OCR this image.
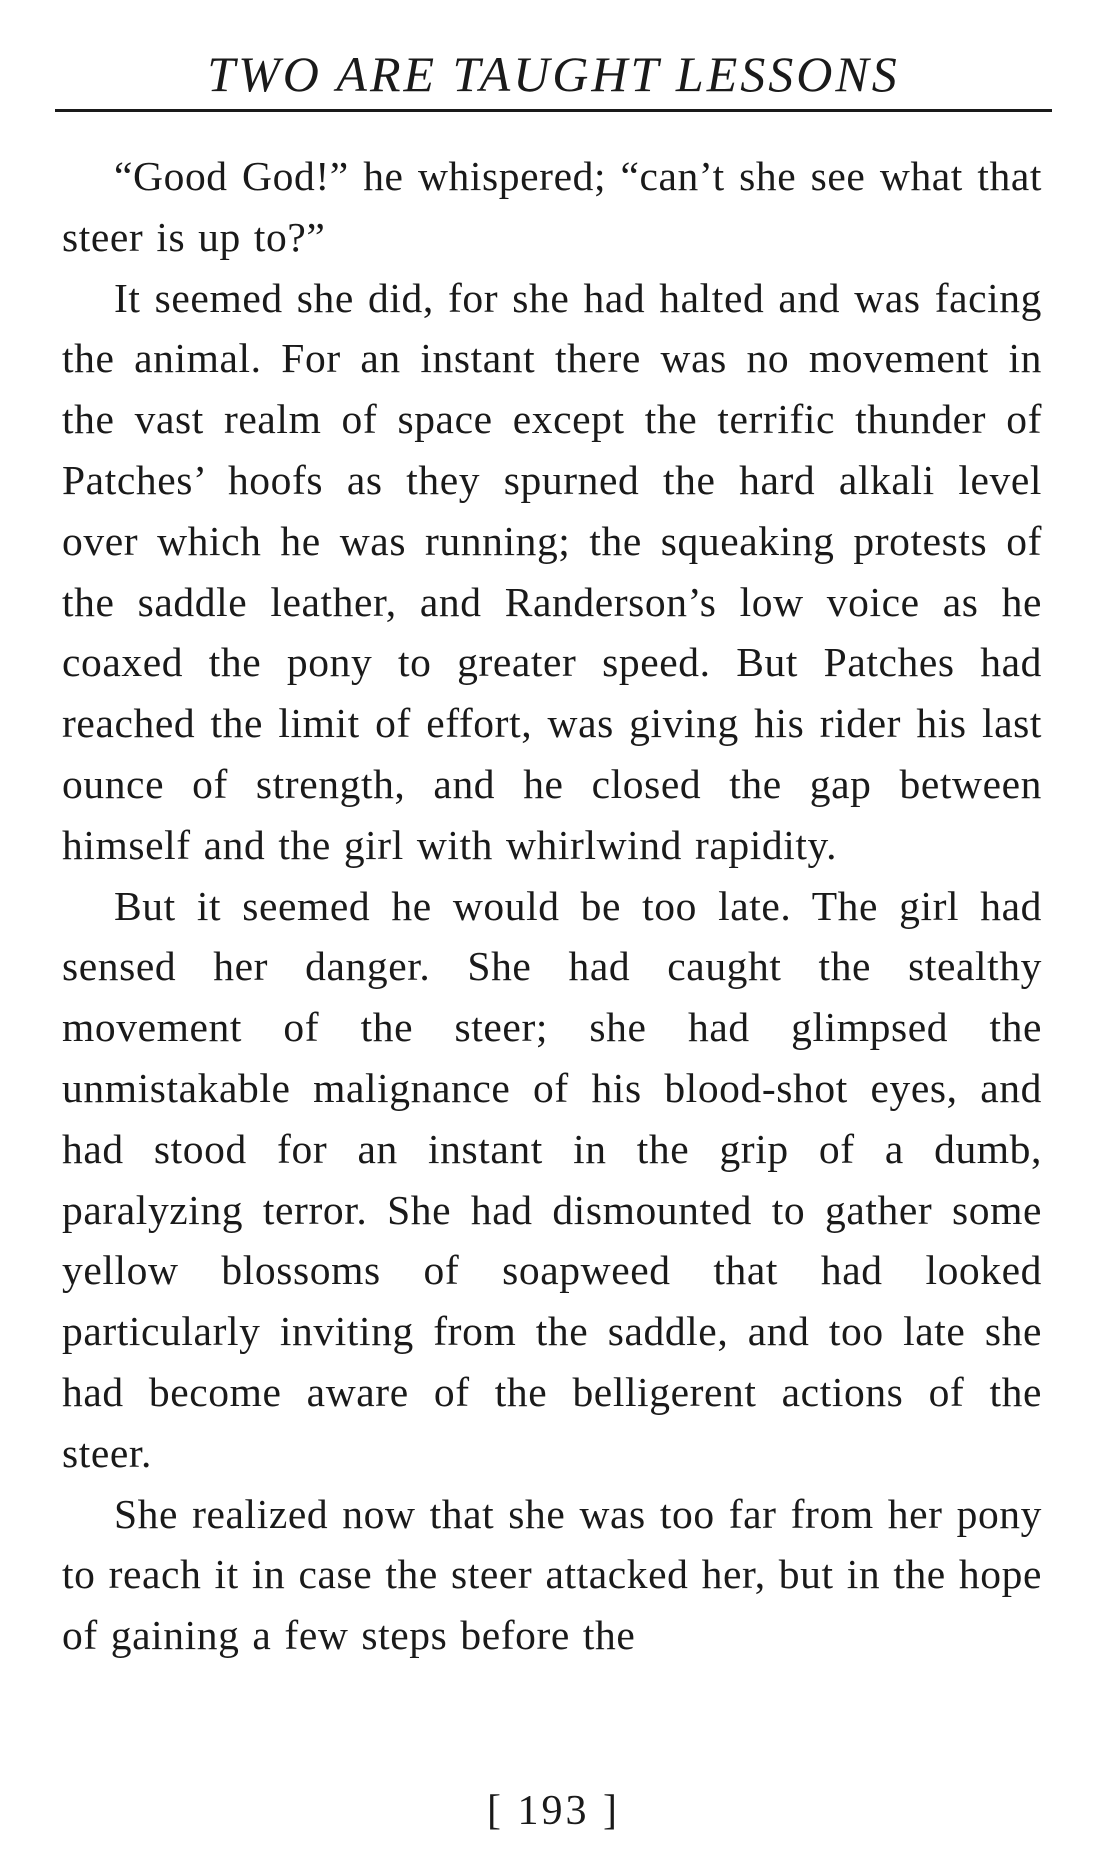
TWO ARE TAUGHT LESSONS

“Good God!” he whispered; “can’t she see what that steer is up to?”

It seemed she did, for she had halted and was facing the animal. For an instant there was no movement in the vast realm of space except the terrific thunder of Patches’ hoofs as they spurned the hard alkali level over which he was running; the squeaking protests of the saddle leather, and Randerson’s low voice as he coaxed the pony to greater speed. But Patches had reached the limit of effort, was giving his rider his last ounce of strength, and he closed the gap between himself and the girl with whirlwind rapidity.

But it seemed he would be too late. The girl had sensed her danger. She had caught the stealthy movement of the steer; she had glimpsed the unmistakable malignance of his blood-shot eyes, and had stood for an instant in the grip of a dumb, paralyzing terror. She had dismounted to gather some yellow blossoms of soapweed that had looked particularly inviting from the saddle, and too late she had become aware of the belligerent actions of the steer.

She realized now that she was too far from her pony to reach it in case the steer attacked her, but in the hope of gaining a few steps before the

[ 193 ]
